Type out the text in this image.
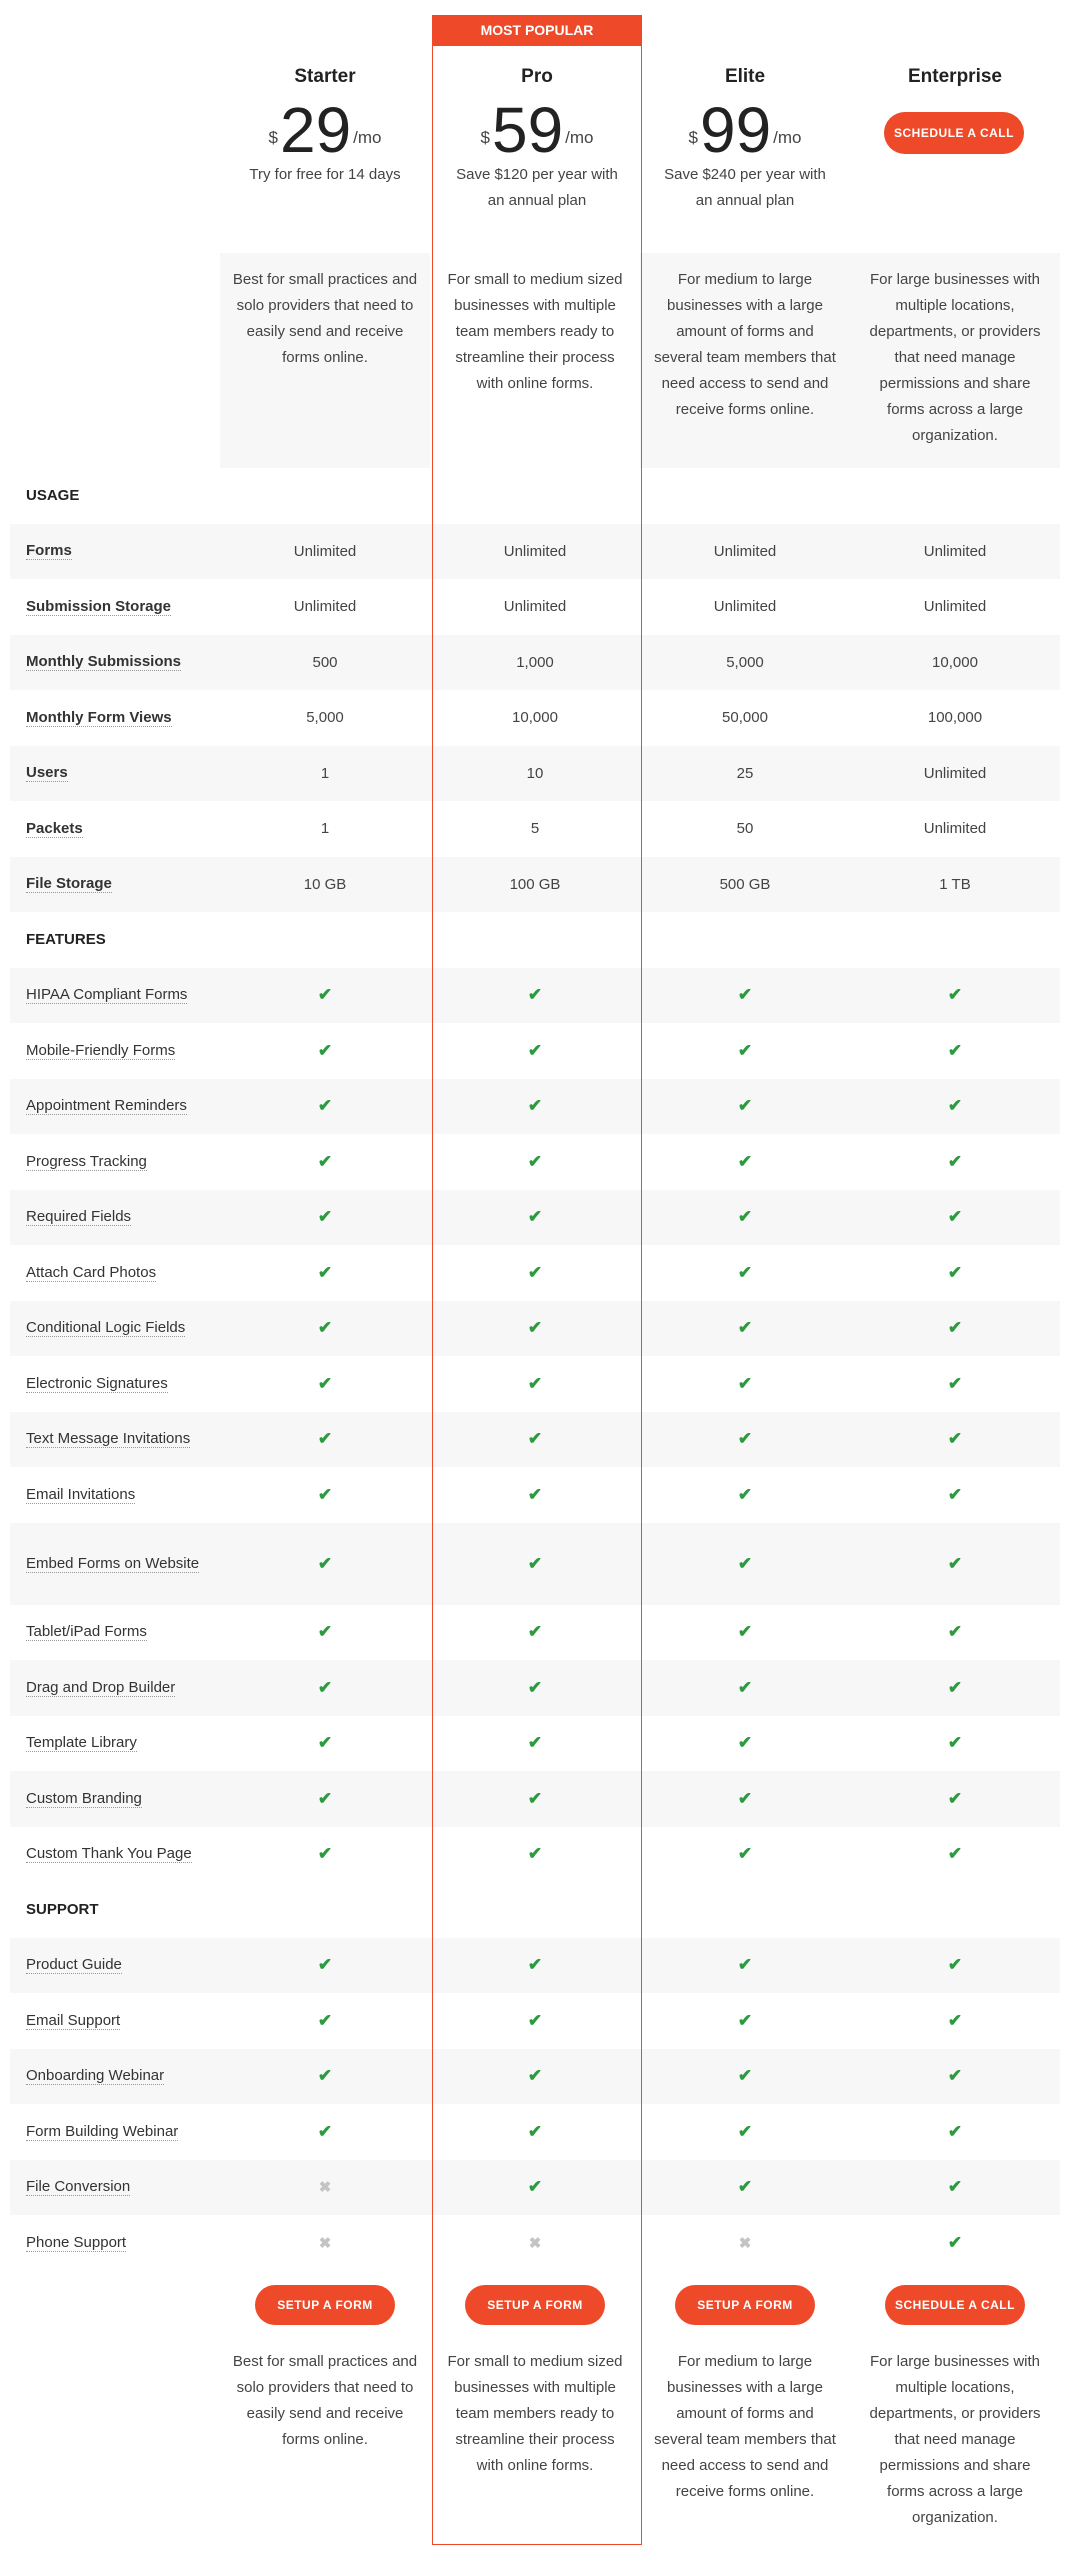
MOST POPULAR
Starter
$ 29 /mo
Try for free for 14 days
Pro
$ 59 /mo
Save $120 per year with an annual plan
Elite
$ 99 /mo
Save $240 per year with an annual plan
Enterprise
SCHEDULE A CALL
Best for small practices and solo providers that need to easily send and receive forms online.
For small to medium sized businesses with multiple team members ready to streamline their process with online forms.
For medium to large businesses with a large amount of forms and several team members that need access to send and receive forms online.
For large businesses with multiple locations, departments, or providers that need manage permissions and share forms across a large organization.
USAGE
Forms	Unlimited	Unlimited	Unlimited	Unlimited
Submission Storage	Unlimited	Unlimited	Unlimited	Unlimited
Monthly Submissions	500	1,000	5,000	10,000
Monthly Form Views	5,000	10,000	50,000	100,000
Users	1	10	25	Unlimited
Packets	1	5	50	Unlimited
File Storage	10 GB	100 GB	500 GB	1 TB
FEATURES
HIPAA Compliant Forms	✔	✔	✔	✔
Mobile-Friendly Forms	✔	✔	✔	✔
Appointment Reminders	✔	✔	✔	✔
Progress Tracking	✔	✔	✔	✔
Required Fields	✔	✔	✔	✔
Attach Card Photos	✔	✔	✔	✔
Conditional Logic Fields	✔	✔	✔	✔
Electronic Signatures	✔	✔	✔	✔
Text Message Invitations	✔	✔	✔	✔
Email Invitations	✔	✔	✔	✔
Embed Forms on Website	✔	✔	✔	✔
Tablet/iPad Forms	✔	✔	✔	✔
Drag and Drop Builder	✔	✔	✔	✔
Template Library	✔	✔	✔	✔
Custom Branding	✔	✔	✔	✔
Custom Thank You Page	✔	✔	✔	✔
SUPPORT
Product Guide	✔	✔	✔	✔
Email Support	✔	✔	✔	✔
Onboarding Webinar	✔	✔	✔	✔
Form Building Webinar	✔	✔	✔	✔
File Conversion	✖	✔	✔	✔
Phone Support	✖	✖	✖	✔
SETUP A FORM
Best for small practices and solo providers that need to easily send and receive forms online.
SETUP A FORM
For small to medium sized businesses with multiple team members ready to streamline their process with online forms.
SETUP A FORM
For medium to large businesses with a large amount of forms and several team members that need access to send and receive forms online.
SCHEDULE A CALL
For large businesses with multiple locations, departments, or providers that need manage permissions and share forms across a large organization.
